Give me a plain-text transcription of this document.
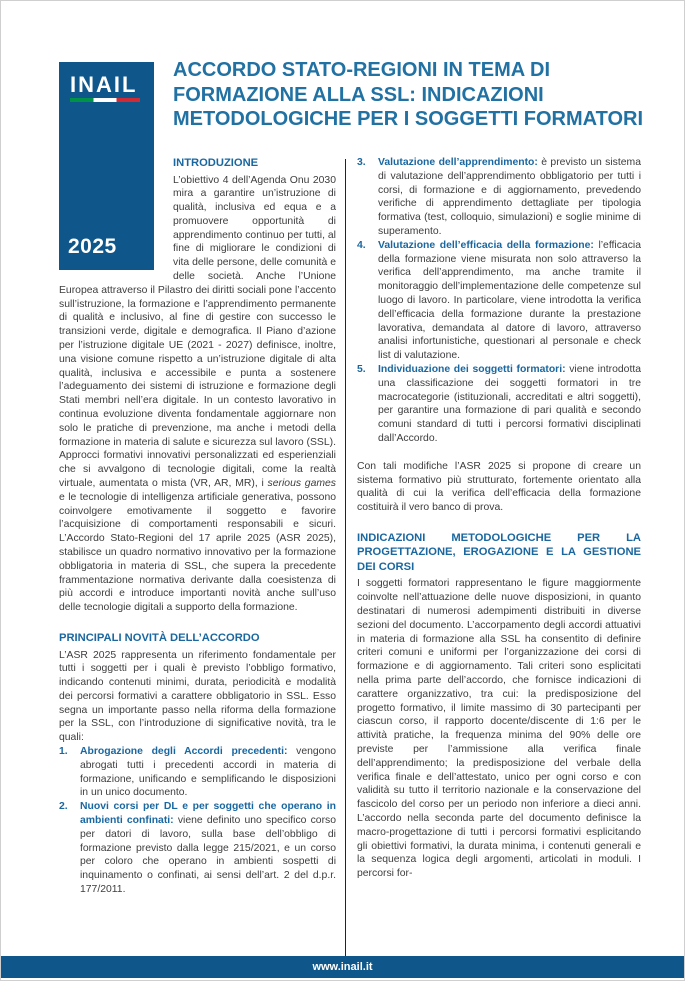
INAIL
2025
ACCORDO STATO-REGIONI IN TEMA DI FORMAZIONE ALLA SSL: INDICAZIONI METODOLOGICHE PER I SOGGETTI FORMATORI
INTRODUZIONE

L’obiettivo 4 dell’Agenda Onu 2030 mira a garantire un’istruzione di qualità, inclusiva ed equa e a promuovere opportunità di apprendimento continuo per tutti, al fine di migliorare le condizioni di vita delle persone, delle comunità e delle società. Anche l’Unione Europea attraverso il Pilastro dei diritti sociali pone l’accento sull’istruzione, la formazione e l’apprendimento permanente di qualità e inclusivo, al fine di gestire con successo le transizioni verde, digitale e demografica. Il Piano d’azione per l’istruzione digitale UE (2021 - 2027) definisce, inoltre, una visione comune rispetto a un’istruzione digitale di alta qualità, inclusiva e accessibile e punta a sostenere l’adeguamento dei sistemi di istruzione e formazione degli Stati membri nell’era digitale. In un contesto lavorativo in continua evoluzione diventa fondamentale aggiornare non solo le pratiche di prevenzione, ma anche i metodi della formazione in materia di salute e sicurezza sul lavoro (SSL). Approcci formativi innovativi personalizzati ed esperienziali che si avvalgono di tecnologie digitali, come la realtà virtuale, aumentata o mista (VR, AR, MR), i serious games e le tecnologie di intelligenza artificiale generativa, possono coinvolgere emotivamente il soggetto e favorire l’acquisizione di comportamenti responsabili e sicuri. L’Accordo Stato-Regioni del 17 aprile 2025 (ASR 2025), stabilisce un quadro normativo innovativo per la formazione obbligatoria in materia di SSL, che supera la precedente frammentazione normativa derivante dalla coesistenza di più accordi e introduce importanti novità anche sull’uso delle tecnologie digitali a supporto della formazione.

PRINCIPALI NOVITÀ DELL’ACCORDO

L’ASR 2025 rappresenta un riferimento fondamentale per tutti i soggetti per i quali è previsto l’obbligo formativo, indicando contenuti minimi, durata, periodicità e modalità dei percorsi formativi a carattere obbligatorio in SSL. Esso segna un importante passo nella riforma della formazione per la SSL, con l’introduzione di significative novità, tra le quali:

1. Abrogazione degli Accordi precedenti: vengono abrogati tutti i precedenti accordi in materia di formazione, unificando e semplificando le disposizioni in un unico documento.
2. Nuovi corsi per DL e per soggetti che operano in ambienti confinati: viene definito uno specifico corso per datori di lavoro, sulla base dell’obbligo di formazione previsto dalla legge 215/2021, e un corso per coloro che operano in ambienti sospetti di inquinamento o confinati, ai sensi dell’art. 2 del d.p.r. 177/2011.
3. Valutazione dell’apprendimento: è previsto un sistema di valutazione dell’apprendimento obbligatorio per tutti i corsi, di formazione e di aggiornamento, prevedendo verifiche di apprendimento dettagliate per tipologia formativa (test, colloquio, simulazioni) e soglie minime di superamento.
4. Valutazione dell’efficacia della formazione: l’efficacia della formazione viene misurata non solo attraverso la verifica dell’apprendimento, ma anche tramite il monitoraggio dell’implementazione delle competenze sul luogo di lavoro. In particolare, viene introdotta la verifica dell’efficacia della formazione durante la prestazione lavorativa, demandata al datore di lavoro, attraverso analisi infortunistiche, questionari al personale e check list di valutazione.
5. Individuazione dei soggetti formatori: viene introdotta una classificazione dei soggetti formatori in tre macrocategorie (istituzionali, accreditati e altri soggetti), per garantire una formazione di pari qualità e secondo comuni standard di tutti i percorsi formativi disciplinati dall’Accordo.

Con tali modifiche l’ASR 2025 si propone di creare un sistema formativo più strutturato, fortemente orientato alla qualità di cui la verifica dell’efficacia della formazione costituirà il vero banco di prova.

INDICAZIONI METODOLOGICHE PER LA PROGETTAZIONE, EROGAZIONE E LA GESTIONE DEI CORSI

I soggetti formatori rappresentano le figure maggiormente coinvolte nell’attuazione delle nuove disposizioni, in quanto destinatari di numerosi adempimenti distribuiti in diverse sezioni del documento. L’accorpamento degli accordi attuativi in materia di formazione alla SSL ha consentito di definire criteri comuni e uniformi per l’organizzazione dei corsi di formazione e di aggiornamento. Tali criteri sono esplicitati nella prima parte dell’accordo, che fornisce indicazioni di carattere organizzativo, tra cui: la predisposizione del progetto formativo, il limite massimo di 30 partecipanti per ciascun corso, il rapporto docente/discente di 1:6 per le attività pratiche, la frequenza minima del 90% delle ore previste per l’ammissione alla verifica finale dell’apprendimento; la predisposizione del verbale della verifica finale e dell’attestato, unico per ogni corso e con validità su tutto il territorio nazionale e la conservazione del fascicolo del corso per un periodo non inferiore a dieci anni. L’accordo nella seconda parte del documento definisce la macro-progettazione di tutti i percorsi formativi esplicitando gli obiettivi formativi, la durata minima, i contenuti generali e la sequenza logica degli argomenti, articolati in moduli. I percorsi for-

www.inail.it
